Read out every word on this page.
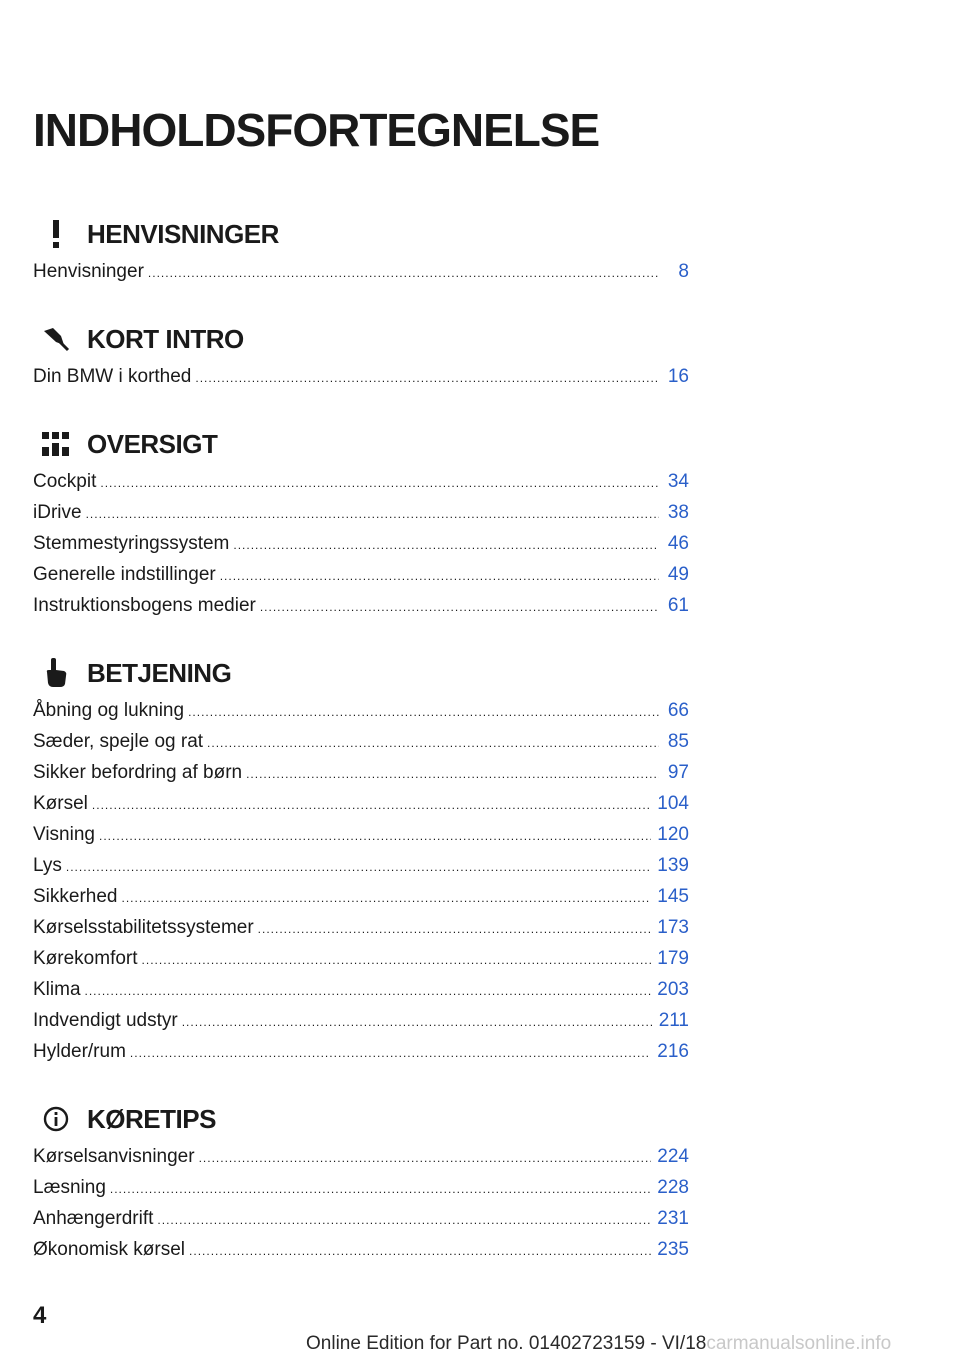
INDHOLDSFORTEGNELSE
HENVISNINGER
Henvisninger .....	8
KORT INTRO
Din BMW i korthed .....	16
OVERSIGT
Cockpit .....	34
iDrive .....	38
Stemmestyringssystem .....	46
Generelle indstillinger .....	49
Instruktionsbogens medier .....	61
BETJENING
Åbning og lukning .....	66
Sæder, spejle og rat .....	85
Sikker befordring af børn .....	97
Kørsel .....	104
Visning .....	120
Lys .....	139
Sikkerhed .....	145
Kørselsstabilitetssystemer .....	173
Kørekomfort .....	179
Klima .....	203
Indvendigt udstyr .....	211
Hylder/rum .....	216
KØRETIPS
Kørselsanvisninger .....	224
Læsning .....	228
Anhængerdrift .....	231
Økonomisk kørsel .....	235
4
Online Edition for Part no. 01402723159 - VI/18carmanualsonline.info
